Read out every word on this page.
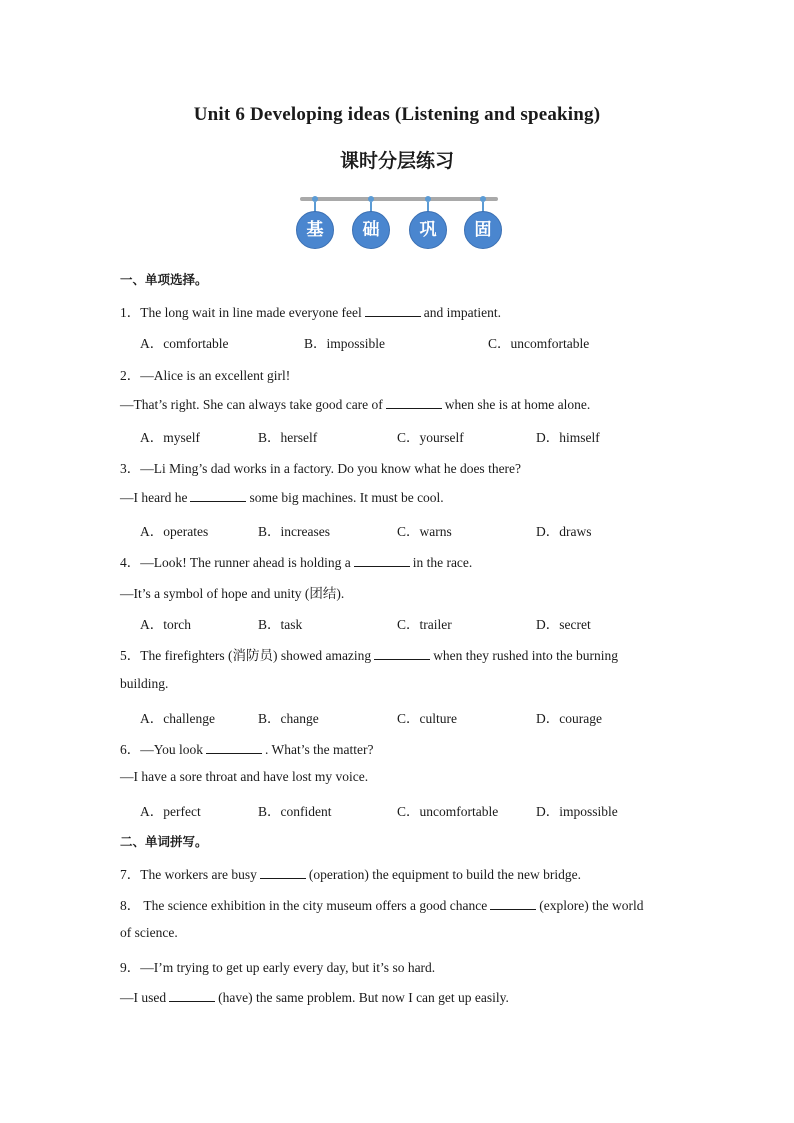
Unit 6 Developing ideas (Listening and speaking)
课时分层练习
基	础	巩	固
一、单项选择。
1．The long wait in line made everyone feel	and impatient.
A．comfortable	B．impossible	C．uncomfortable
2．—Alice is an excellent girl!
—That’s right. She can always take good care of	when she is at home alone.
A．myself	B．herself	C．yourself	D．himself
3．—Li Ming’s dad works in a factory. Do you know what he does there?
—I heard he	some big machines. It must be cool.
A．operates	B．increases	C．warns	D．draws
4．—Look! The runner ahead is holding a	in the race.
—It’s a symbol of hope and unity (团结).
A．torch	B．task	C．trailer	D．secret
5．The firefighters (消防员) showed amazing	when they rushed into the burning
building.
A．challenge	B．change	C．culture	D．courage
6．—You look	. What’s the matter?
—I have a sore throat and have lost my voice.
A．perfect	B．confident	C．uncomfortable	D．impossible
二、单词拼写。
7．The workers are busy	(operation) the equipment to build the new bridge.
8． The science exhibition in the city museum offers a good chance	(explore) the world
of science.
9．—I’m trying to get up early every day, but it’s so hard.
—I used	(have) the same problem. But now I can get up easily.
